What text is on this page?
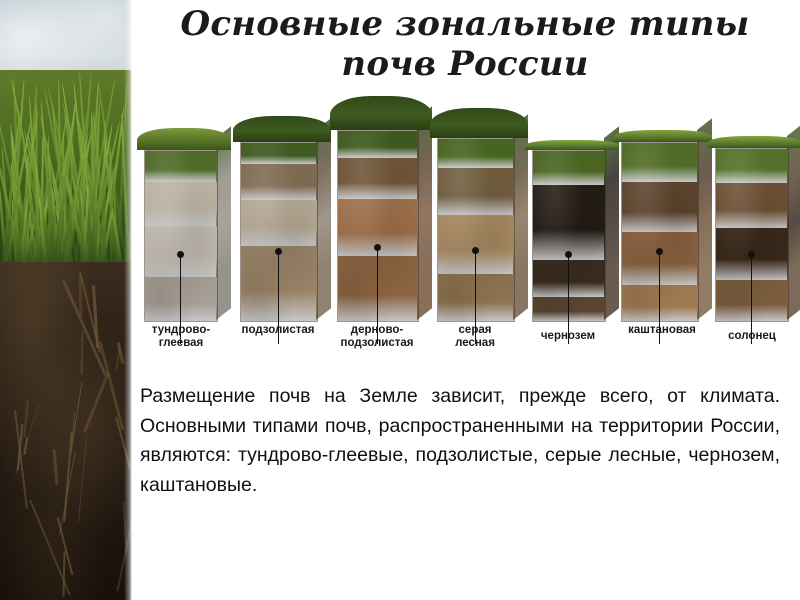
Основные зональные типы почв России
тундрово-
глеевая
подзолистая	дерново-
подзолистая
серая
лесная
чернозем	каштановая	солонец

Размещение почв на Земле зависит, прежде всего, от климата. Основными типами почв, распространенными на территории России, являются: тундрово-глеевые, подзолистые, серые лесные, чернозем, каштановые.
